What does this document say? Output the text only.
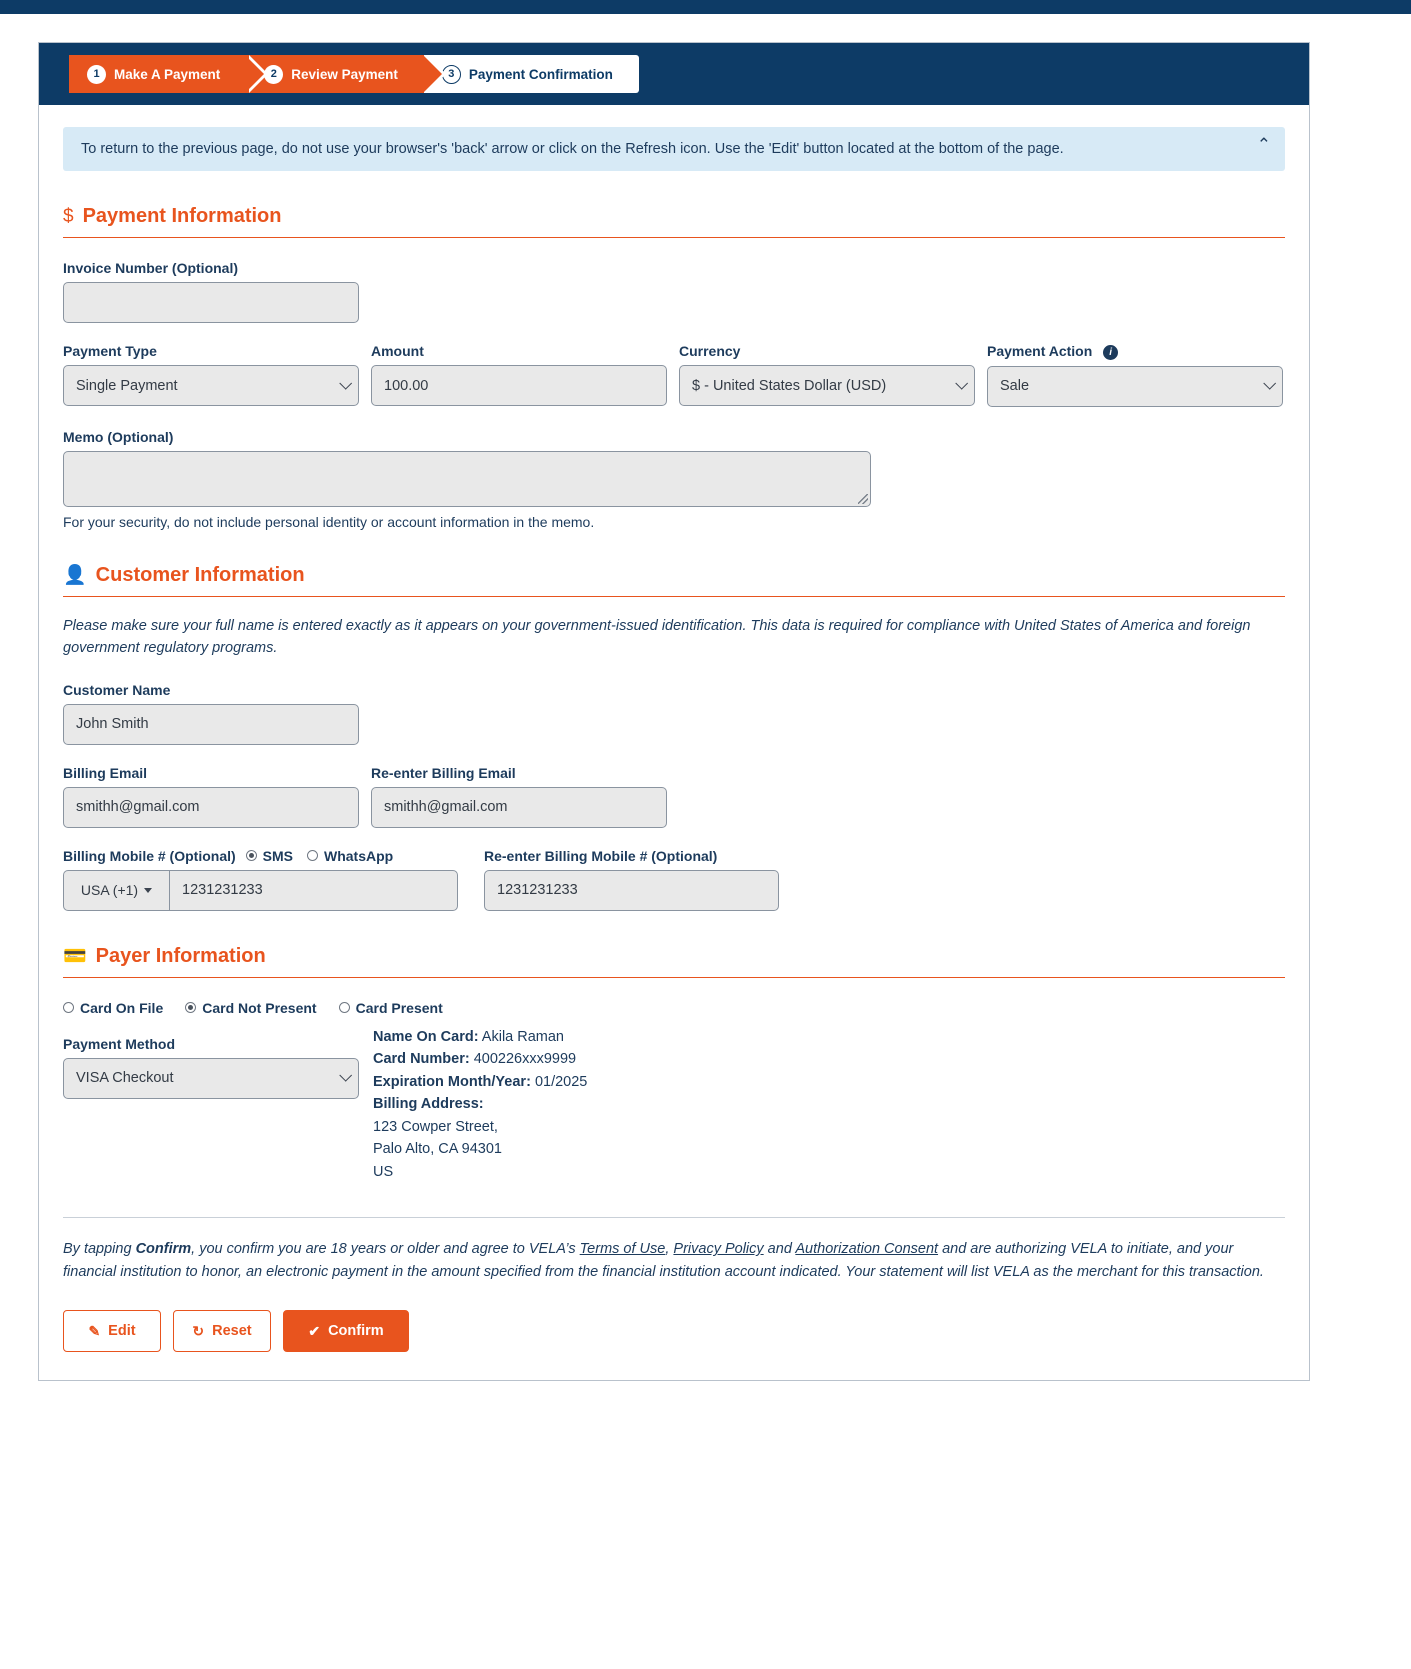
1	Make A Payment	2	Review Payment	3	Payment Confirmation
To return to the previous page, do not use your browser's 'back' arrow or click on the Refresh icon. Use the 'Edit' button located at the bottom of the page.	⌃
$ Payment Information
Invoice Number (Optional)
Payment Type
Single Payment
Amount
100.00
Currency
$ - United States Dollar (USD)
Payment Action i
Sale
Memo (Optional)
For your security, do not include personal identity or account information in the memo.
👤 Customer Information
Please make sure your full name is entered exactly as it appears on your government-issued identification. This data is required for compliance with United States of America and foreign government regulatory programs.
Customer Name
John Smith
Billing Email
smithh@gmail.com
Re-enter Billing Email
smithh@gmail.com
Billing Mobile # (Optional) SMS WhatsApp
USA (+1)	1231231233
Re-enter Billing Mobile # (Optional)
1231231233
💳 Payer Information
Card On File	Card Not Present	Card Present
Payment Method
VISA Checkout
Name On Card: Akila Raman
Card Number: 400226xxx9999
Expiration Month/Year: 01/2025
Billing Address:
123 Cowper Street,
Palo Alto, CA 94301
US
By tapping Confirm, you confirm you are 18 years or older and agree to VELA’s Terms of Use, Privacy Policy and Authorization Consent and are authorizing VELA to initiate, and your financial institution to honor, an electronic payment in the amount specified from the financial institution account indicated. Your statement will list VELA as the merchant for this transaction.
✎ Edit	↻ Reset	✔ Confirm
